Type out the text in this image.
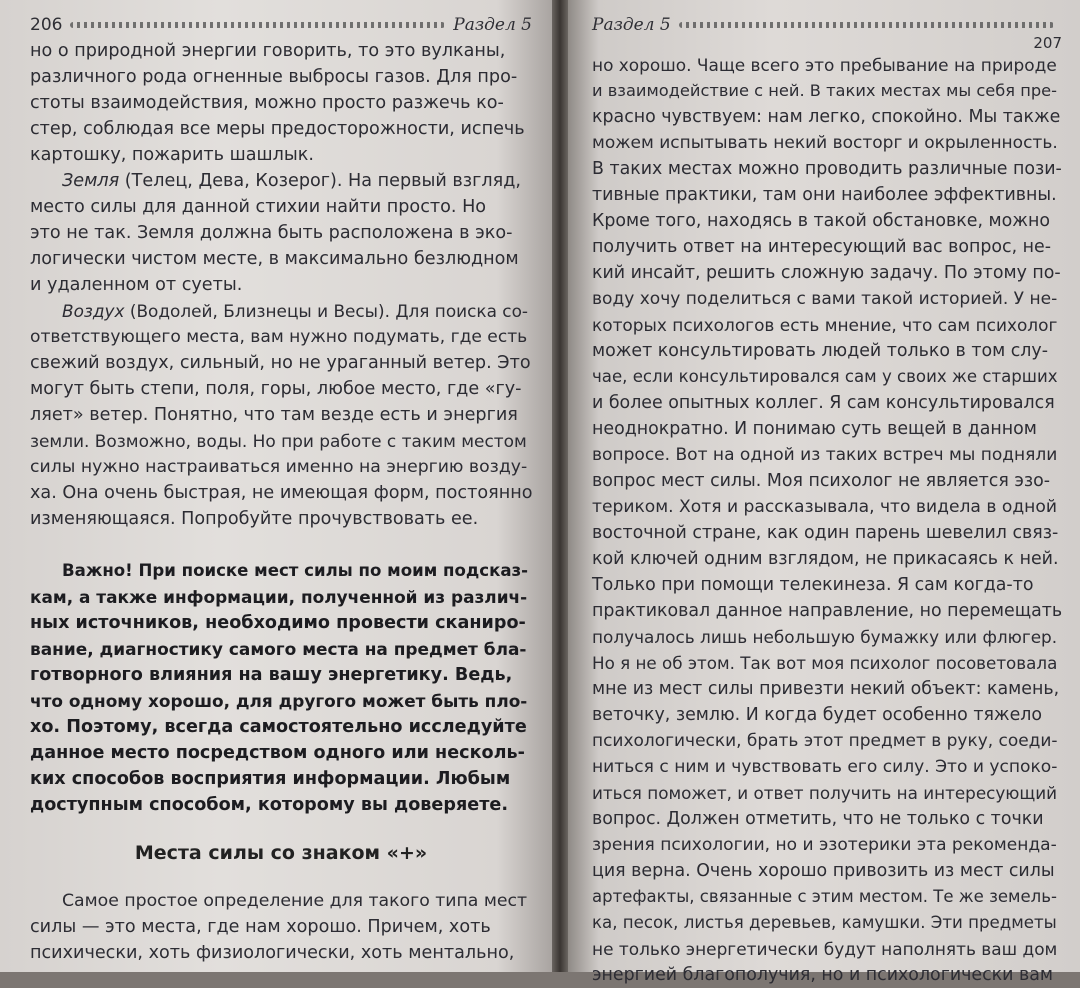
206	Раздел 5
но о природной энергии говорить, то это вулканы,
различного рода огненные выбросы газов. Для про-
стоты взаимодействия, можно просто разжечь ко-
стер, соблюдая все меры предосторожности, испечь
картошку, пожарить шашлык.
Земля (Телец, Дева, Козерог). На первый взгляд,
место силы для данной стихии найти просто. Но
это не так. Земля должна быть расположена в эко-
логически чистом месте, в максимально безлюдном
и удаленном от суеты.
Воздух (Водолей, Близнецы и Весы). Для поиска со-
ответствующего места, вам нужно подумать, где есть
свежий воздух, сильный, но не ураганный ветер. Это
могут быть степи, поля, горы, любое место, где «гу-
ляет» ветер. Понятно, что там везде есть и энергия
земли. Возможно, воды. Но при работе с таким местом
силы нужно настраиваться именно на энергию возду-
ха. Она очень быстрая, не имеющая форм, постоянно
изменяющаяся. Попробуйте прочувствовать ее.
Важно! При поиске мест силы по моим подсказ-
кам, а также информации, полученной из различ-
ных источников, необходимо провести сканиро-
вание, диагностику самого места на предмет бла-
готворного влияния на вашу энергетику. Ведь,
что одному хорошо, для другого может быть пло-
хо. Поэтому, всегда самостоятельно исследуйте
данное место посредством одного или несколь-
ких способов восприятия информации. Любым
доступным способом, которому вы доверяете.
Места силы со знаком «+»
Самое простое определение для такого типа мест
силы — это места, где нам хорошо. Причем, хоть
психически, хоть физиологически, хоть ментально,
Раздел 5
207
но хорошо. Чаще всего это пребывание на природе
и взаимодействие с ней. В таких местах мы себя пре-
красно чувствуем: нам легко, спокойно. Мы также
можем испытывать некий восторг и окрыленность.
В таких местах можно проводить различные пози-
тивные практики, там они наиболее эффективны.
Кроме того, находясь в такой обстановке, можно
получить ответ на интересующий вас вопрос, не-
кий инсайт, решить сложную задачу. По этому по-
воду хочу поделиться с вами такой историей. У не-
которых психологов есть мнение, что сам психолог
может консультировать людей только в том слу-
чае, если консультировался сам у своих же старших
и более опытных коллег. Я сам консультировался
неоднократно. И понимаю суть вещей в данном
вопросе. Вот на одной из таких встреч мы подняли
вопрос мест силы. Моя психолог не является эзо-
териком. Хотя и рассказывала, что видела в одной
восточной стране, как один парень шевелил связ-
кой ключей одним взглядом, не прикасаясь к ней.
Только при помощи телекинеза. Я сам когда-то
практиковал данное направление, но перемещать
получалось лишь небольшую бумажку или флюгер.
Но я не об этом. Так вот моя психолог посоветовала
мне из мест силы привезти некий объект: камень,
веточку, землю. И когда будет особенно тяжело
психологически, брать этот предмет в руку, соеди-
ниться с ним и чувствовать его силу. Это и успоко-
иться поможет, и ответ получить на интересующий
вопрос. Должен отметить, что не только с точки
зрения психологии, но и эзотерики эта рекоменда-
ция верна. Очень хорошо привозить из мест силы
артефакты, связанные с этим местом. Те же земель-
ка, песок, листья деревьев, камушки. Эти предметы
не только энергетически будут наполнять ваш дом
энергией благополучия, но и психологически вам
